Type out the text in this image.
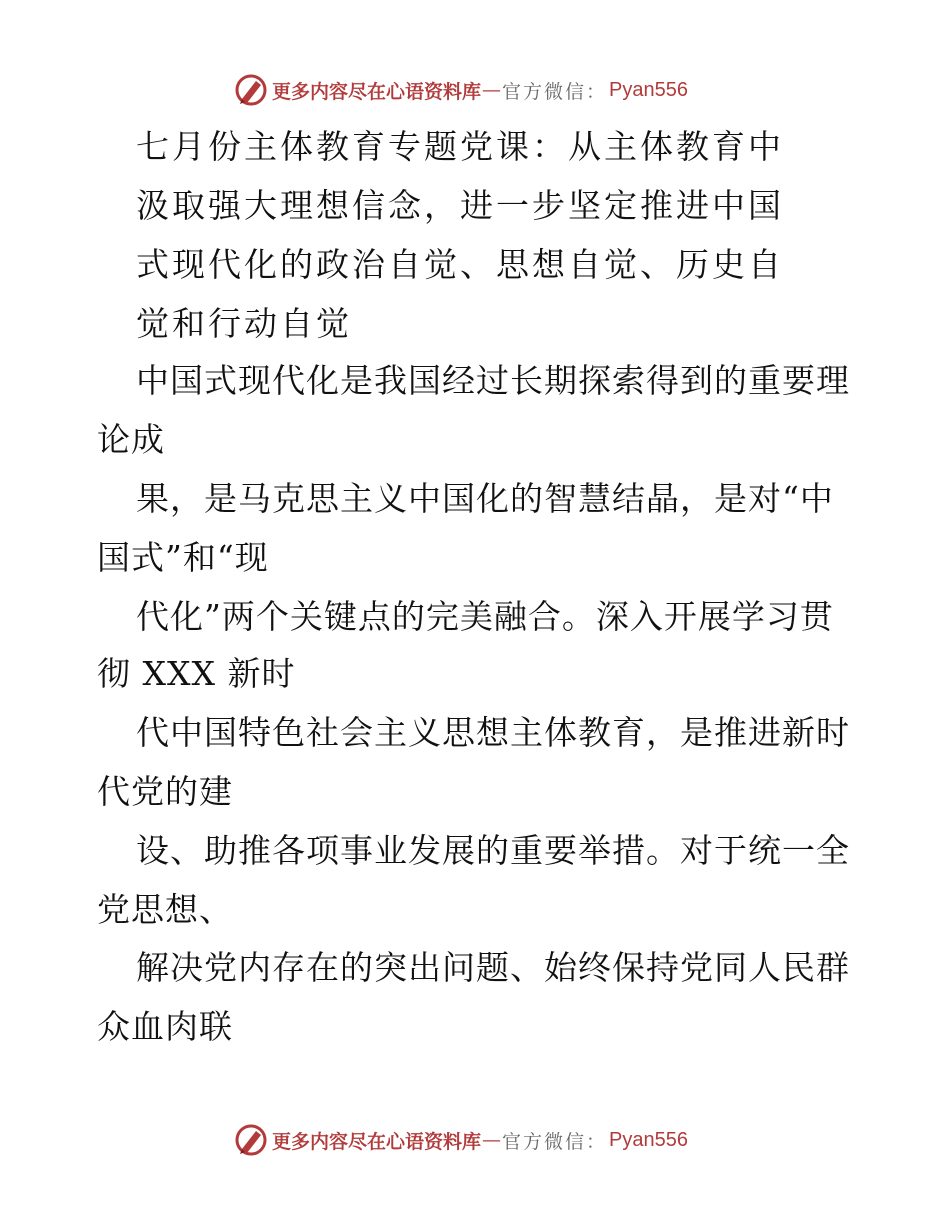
更多内容尽在心语资料库 — 官方微信： Pyan556
七月份主体教育专题党课：从主体教育中
汲取强大理想信念，进一步坚定推进中国
式现代化的政治自觉、思想自觉、历史自
觉和行动自觉
中国式现代化是我国经过长期探索得到的重要理
论成
果，是马克思主义中国化的智慧结晶，是对“中
国式”和“现
代化”两个关键点的完美融合。深入开展学习贯
彻 XXX 新时
代中国特色社会主义思想主体教育，是推进新时
代党的建
设、助推各项事业发展的重要举措。对于统一全
党思想、
解决党内存在的突出问题、始终保持党同人民群
众血肉联
更多内容尽在心语资料库 — 官方微信： Pyan556
